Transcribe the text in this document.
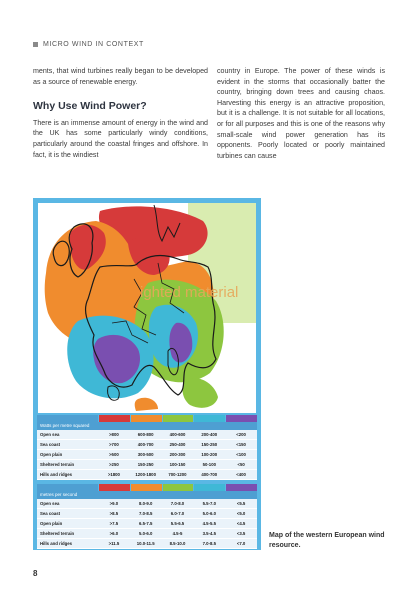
MICRO WIND IN CONTEXT

ments, that wind turbines really began to be developed as a source of renewable energy.

Why Use Wind Power?

There is an immense amount of energy in the wind and the UK has some particularly windy conditions, particularly around the coastal fringes and offshore. In fact, it is the windiest

country in Europe. The power of these winds is evident in the storms that occasionally batter the country, bringing down trees and causing chaos. Harvesting this energy is an attractive proposition, but it is a challenge. It is not suitable for all locations, or for all purposes and this is one of the reasons why small-scale wind power generation has its opponents. Poorly located or poorly maintained turbines can cause

ighted material
Watts per metre squared
Open sea	>800	600-800	400-600	200-400	<200
Sea coast	>700	400-700	250-400	150-250	<150
Open plain	>500	300-500	200-300	100-200	<100
Sheltered terrain	>250	150-250	100-150	50-100	<50
Hills and ridges	>1800	1200-1800	700-1200	400-700	<400
metres per second
Open sea	>9.0	8.0-9.0	7.0-8.0	5.5-7.0	<5.5
Sea coast	>8.5	7.0-8.5	6.0-7.0	5.0-6.0	<5.0
Open plain	>7.5	6.5-7.5	5.5-6.5	4.5-5.5	<4.5
Sheltered terrain	>6.0	5.0-6.0	4.5-5	3.5-4.5	<3.5
Hills and ridges	>11.5	10.0-11.5	8.5-10.0	7.0-8.5	<7.0
Map of the western European wind resource.
8
